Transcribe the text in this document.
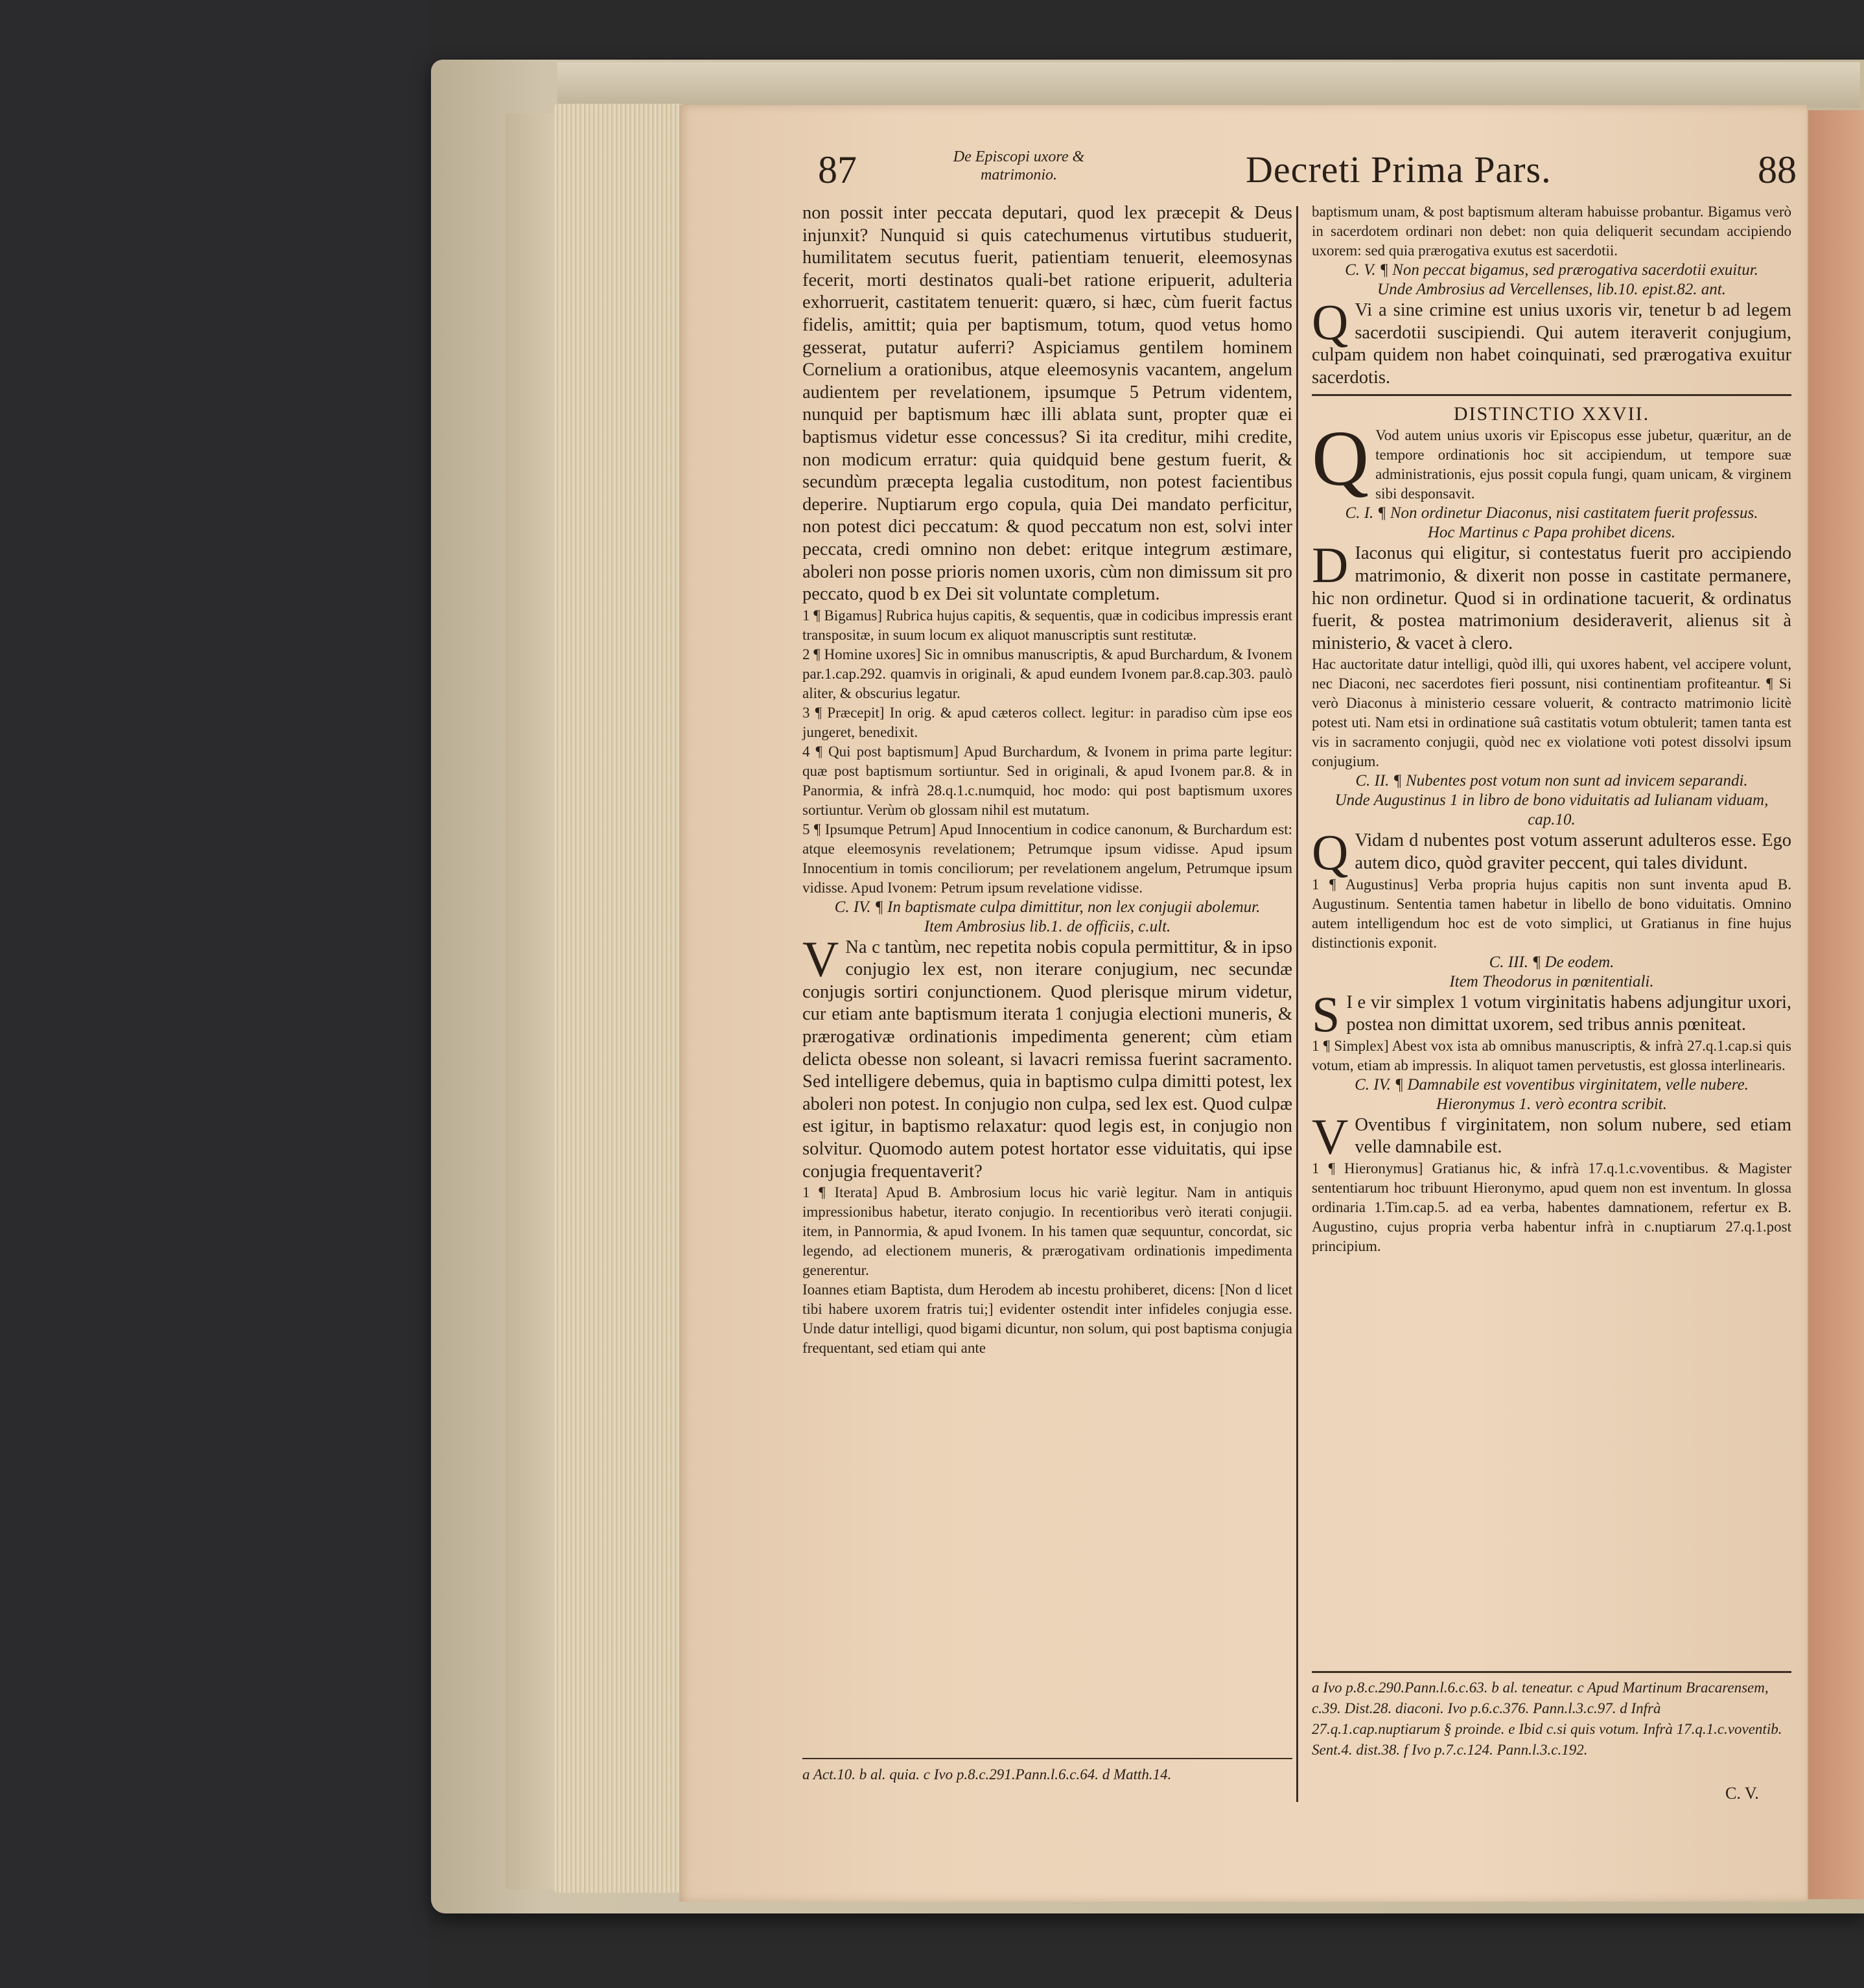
87	De Episcopi uxore & matrimonio.	Decreti Prima Pars.	88

non possit inter peccata deputari, quod lex præcepit & Deus injunxit? Nunquid si quis catechumenus virtutibus studuerit, humilitatem secutus fuerit, patientiam tenuerit, eleemosynas fecerit, morti destinatos quali-bet ratione eripuerit, adulteria exhorruerit, castitatem tenuerit: quæro, si hæc, cùm fuerit factus fidelis, amittit; quia per baptismum, totum, quod vetus homo gesserat, putatur auferri? Aspiciamus gentilem hominem Cornelium a orationibus, atque eleemosynis vacantem, angelum audientem per revelationem, ipsumque 5 Petrum videntem, nunquid per baptismum hæc illi ablata sunt, propter quæ ei baptismus videtur esse concessus? Si ita creditur, mihi credite, non modicum erratur: quia quidquid bene gestum fuerit, & secundùm præcepta legalia custoditum, non potest facientibus deperire. Nuptiarum ergo copula, quia Dei mandato perficitur, non potest dici peccatum: & quod peccatum non est, solvi inter peccata, credi omnino non debet: eritque integrum æstimare, aboleri non posse prioris nomen uxoris, cùm non dimissum sit pro peccato, quod b ex Dei sit voluntate completum.

1 ¶ Bigamus] Rubrica hujus capitis, & sequentis, quæ in codicibus impressis erant transpositæ, in suum locum ex aliquot manuscriptis sunt restitutæ.

2 ¶ Homine uxores] Sic in omnibus manuscriptis, & apud Burchardum, & Ivonem par.1.cap.292. quamvis in originali, & apud eundem Ivonem par.8.cap.303. paulò aliter, & obscurius legatur.

3 ¶ Præcepit] In orig. & apud cæteros collect. legitur: in paradiso cùm ipse eos jungeret, benedixit.

4 ¶ Qui post baptismum] Apud Burchardum, & Ivonem in prima parte legitur: quæ post baptismum sortiuntur. Sed in originali, & apud Ivonem par.8. & in Panormia, & infrà 28.q.1.c.numquid, hoc modo: qui post baptismum uxores sortiuntur. Verùm ob glossam nihil est mutatum.

5 ¶ Ipsumque Petrum] Apud Innocentium in codice canonum, & Burchardum est: atque eleemosynis revelationem; Petrumque ipsum vidisse. Apud ipsum Innocentium in tomis conciliorum; per revelationem angelum, Petrumque ipsum vidisse. Apud Ivonem: Petrum ipsum revelatione vidisse.

C. IV. ¶ In baptismate culpa dimittitur, non lex conjugii abolетur.

Item Ambrosius lib.1. de officiis, c.ult.

V Na c tantùm, nec repetita nobis copula permittitur, & in ipso conjugio lex est, non iterare conjugium, nec secundæ conjugis sortiri conjunctionem. Quod plerisque mirum videtur, cur etiam ante baptismum iterata 1 conjugia electioni muneris, & prærogativæ ordinationis impedimenta generent; cùm etiam delicta obesse non soleant, si lavacri remissa fuerint sacramento. Sed intelligere debemus, quia in baptismo culpa dimitti potest, lex aboleri non potest. In conjugio non culpa, sed lex est. Quod culpæ est igitur, in baptismo relaxatur: quod legis est, in conjugio non solvitur. Quomodo autem potest hortator esse viduitatis, qui ipse conjugia frequentaverit?

1 ¶ Iterata] Apud B. Ambrosium locus hic variè legitur. Nam in antiquis impressionibus habetur, iterato conjugio. In recentioribus verò iterati conjugii. item, in Pannormia, & apud Ivonem. In his tamen quæ sequuntur, concordat, sic legendo, ad electionem muneris, & prærogativam ordinationis impedimenta generentur.

Ioannes etiam Baptista, dum Herodem ab incestu prohiberet, dicens: [Non d licet tibi habere uxorem fratris tui;] evidenter ostendit inter infideles conjugia esse. Unde datur intelligi, quod bigami dicuntur, non solum, qui post baptisma conjugia frequentant, sed etiam qui ante

baptismum unam, & post baptismum alteram habuisse probantur. Bigamus verò in sacerdotem ordinari non debet: non quia deliquerit secundam accipiendo uxorem: sed quia prærogativa exutus est sacerdotii.

C. V. ¶ Non peccat bigamus, sed prærogativa sacerdotii exuitur.

Unde Ambrosius ad Vercellenses, lib.10. epist.82. ant.

Q Vi a sine crimine est unius uxoris vir, tenetur b ad legem sacerdotii suscipiendi. Qui autem iteraverit conjugium, culpam quidem non habet coinquinati, sed prærogativa exuitur sacerdotis.

DISTINCTIO XXVII.

Q Vod autem unius uxoris vir Episcopus esse jubetur, quæritur, an de tempore ordinationis hoc sit accipiendum, ut tempore suæ administrationis, ejus possit copula fungi, quam unicam, & virginem sibi desponsavit.

C. I. ¶ Non ordinetur Diaconus, nisi castitatem fuerit professus.

Hoc Martinus c Papa prohibet dicens.

D Iaconus qui eligitur, si contestatus fuerit pro accipiendo matrimonio, & dixerit non posse in castitate permanere, hic non ordinetur. Quod si in ordinatione tacuerit, & ordinatus fuerit, & postea matrimonium desideraverit, alienus sit à ministerio, & vacet à clero.

Hac auctoritate datur intelligi, quòd illi, qui uxores habent, vel accipere volunt, nec Diaconi, nec sacerdotes fieri possunt, nisi continentiam profiteantur. ¶ Si verò Diaconus à ministerio cessare voluerit, & contracto matrimonio licitè potest uti. Nam etsi in ordinatione suâ castitatis votum obtulerit; tamen tanta est vis in sacramento conjugii, quòd nec ex violatione voti potest dissolvi ipsum conjugium.

C. II. ¶ Nubentes post votum non sunt ad invicem separandi.

Unde Augustinus 1 in libro de bono viduitatis ad Iulianam viduam, cap.10.

Q Vidam d nubentes post votum asserunt adulteros esse. Ego autem dico, quòd graviter peccent, qui tales dividunt.

1 ¶ Augustinus] Verba propria hujus capitis non sunt inventa apud B. Augustinum. Sententia tamen habetur in libello de bono viduitatis. Omnino autem intelligendum hoc est de voto simplici, ut Gratianus in fine hujus distinctionis exponit.

C. III. ¶ De eodem.

Item Theodorus in pœnitentiali.

S I e vir simplex 1 votum virginitatis habens adjungitur uxori, postea non dimittat uxorem, sed tribus annis pœniteat.

1 ¶ Simplex] Abest vox ista ab omnibus manuscriptis, & infrà 27.q.1.cap.si quis votum, etiam ab impressis. In aliquot tamen pervetustis, est glossa interlinearis.

C. IV. ¶ Damnabile est voventibus virginitatem, velle nubere.

Hieronymus 1. verò econtra scribit.

V Oventibus f virginitatem, non solum nubere, sed etiam velle damnabile est.

1 ¶ Hieronymus] Gratianus hic, & infrà 17.q.1.c.voventibus. & Magister sententiarum hoc tribuunt Hieronymo, apud quem non est inventum. In glossa ordinaria 1.Tim.cap.5. ad ea verba, habentes damnationem, refertur ex B. Augustino, cujus propria verba habentur infrà in c.nuptiarum 27.q.1.post principium.

a Act.10. b al. quia. c Ivo p.8.c.291.Pann.l.6.c.64. d Matth.14.
a Ivo p.8.c.290.Pann.l.6.c.63. b al. teneatur. c Apud Martinum Bracarensem, c.39. Dist.28. diaconi. Ivo p.6.c.376. Pann.l.3.c.97. d Infrà 27.q.1.cap.nuptiarum § proinde. e Ibid c.si quis votum. Infrà 17.q.1.c.voventib. Sent.4. dist.38. f Ivo p.7.c.124. Pann.l.3.c.192.
C. V.
